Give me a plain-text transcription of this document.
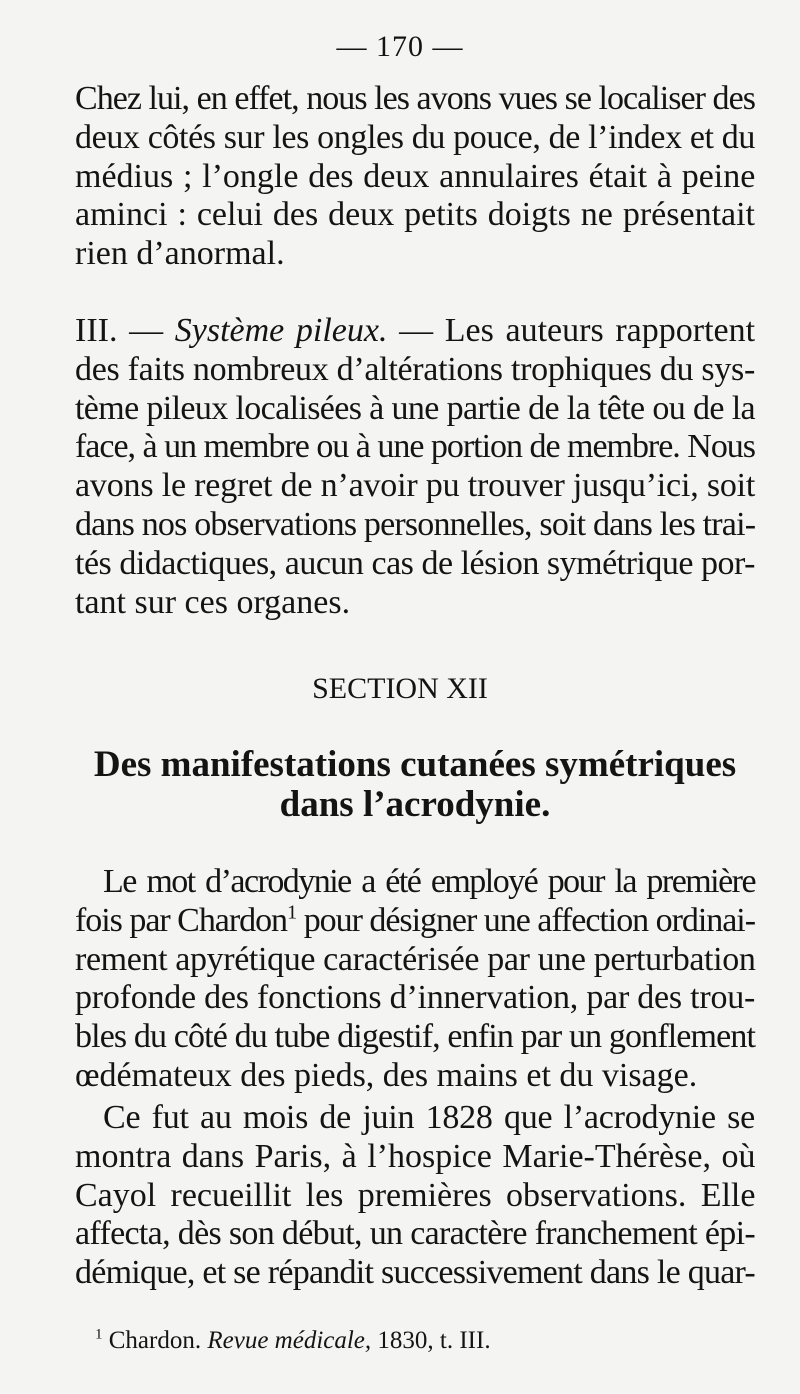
— 170 —
Chez lui, en effet, nous les avons vues se localiser des
deux côtés sur les ongles du pouce, de l’index et du
médius ; l’ongle des deux annulaires était à peine
aminci : celui des deux petits doigts ne présentait
rien d’anormal.
III. — Système pileux. — Les auteurs rapportent
des faits nombreux d’altérations trophiques du sys-
tème pileux localisées à une partie de la tête ou de la
face, à un membre ou à une portion de membre. Nous
avons le regret de n’avoir pu trouver jusqu’ici, soit
dans nos observations personnelles, soit dans les trai-
tés didactiques, aucun cas de lésion symétrique por-
tant sur ces organes.
SECTION XII
Des manifestations cutanées symétriques
dans l’acrodynie.
Le mot d’acrodynie a été employé pour la première
fois par Chardon$^1$ pour désigner une affection ordinai-
rement apyrétique caractérisée par une perturbation
profonde des fonctions d’innervation, par des trou-
bles du côté du tube digestif, enfin par un gonflement
œdémateux des pieds, des mains et du visage.
Ce fut au mois de juin 1828 que l’acrodynie se
montra dans Paris, à l’hospice Marie-Thérèse, où
Cayol recueillit les premières observations. Elle
affecta, dès son début, un caractère franchement épi-
démique, et se répandit successivement dans le quar-
$^1$ Chardon. Revue médicale, 1830, t. III.
